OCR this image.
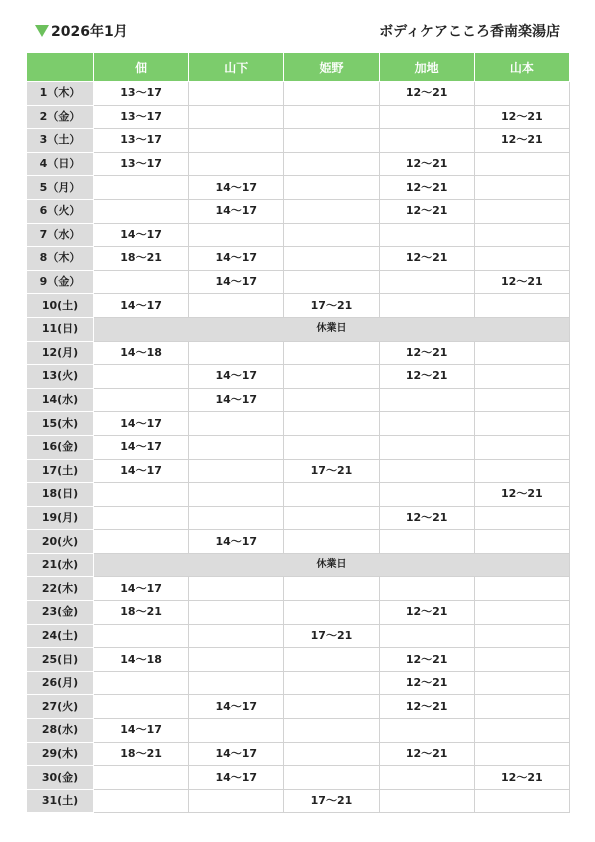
2026年1月	ボディケアこころ香南楽湯店
	佃	山下	姫野	加地	山本
1（木）	13～17			12～21	
2（金）	13～17				12～21
3（土）	13～17				12～21
4（日）	13～17			12～21	
5（月）		14～17		12～21	
6（火）		14～17		12～21	
7（水）	14～17				
8（木）	18～21	14～17		12～21	
9（金）		14～17			12～21
10(土)	14～17		17～21		
11(日)	休業日				
12(月)	14～18			12～21	
13(火)		14～17		12～21	
14(水)		14～17			
15(木)	14～17				
16(金)	14～17				
17(土)	14～17		17～21		
18(日)					12～21
19(月)				12～21	
20(火)		14～17			
21(水)	休業日				
22(木)	14～17				
23(金)	18～21			12～21	
24(土)			17～21		
25(日)	14～18			12～21	
26(月)				12～21	
27(火)		14～17		12～21	
28(水)	14～17				
29(木)	18～21	14～17		12～21	
30(金)		14～17			12～21
31(土)			17～21		
